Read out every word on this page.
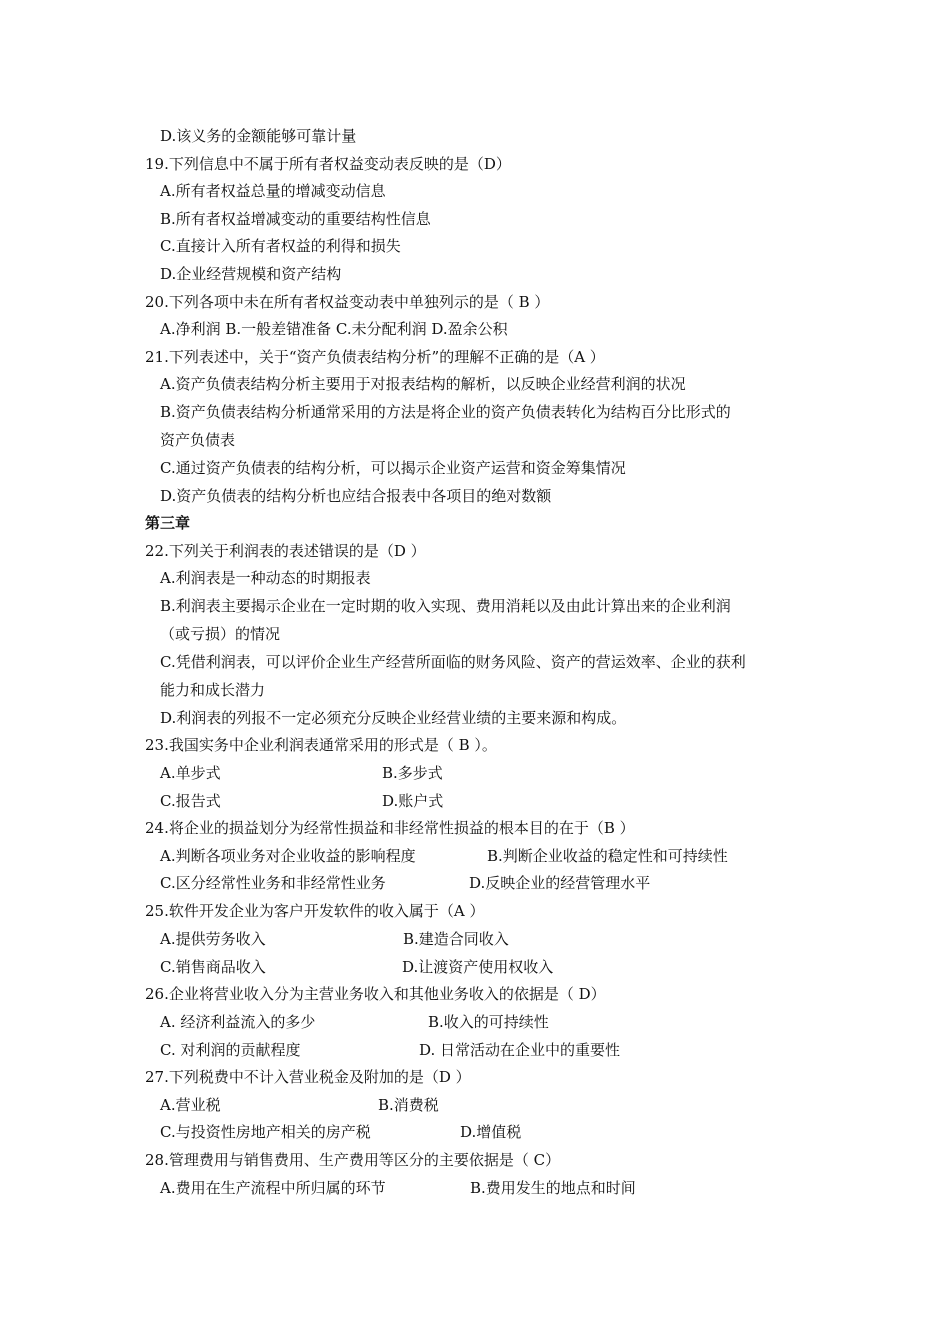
D.该义务的金额能够可靠计量
19.下列信息中不属于所有者权益变动表反映的是（D）
A.所有者权益总量的增减变动信息
B.所有者权益增减变动的重要结构性信息
C.直接计入所有者权益的利得和损失
D.企业经营规模和资产结构
20.下列各项中未在所有者权益变动表中单独列示的是（ B ）
A.净利润 B.一般差错准备 C.未分配利润 D.盈余公积
21.下列表述中，关于“资产负债表结构分析”的理解不正确的是（A ）
A.资产负债表结构分析主要用于对报表结构的解析，以反映企业经营利润的状况
B.资产负债表结构分析通常采用的方法是将企业的资产负债表转化为结构百分比形式的
资产负债表
C.通过资产负债表的结构分析，可以揭示企业资产运营和资金筹集情况
D.资产负债表的结构分析也应结合报表中各项目的绝对数额
第三章
22.下列关于利润表的表述错误的是（D ）
A.利润表是一种动态的时期报表
B.利润表主要揭示企业在一定时期的收入实现、费用消耗以及由此计算出来的企业利润
（或亏损）的情况
C.凭借利润表，可以评价企业生产经营所面临的财务风险、资产的营运效率、企业的获利
能力和成长潜力
D.利润表的列报不一定必须充分反映企业经营业绩的主要来源和构成。
23.我国实务中企业利润表通常采用的形式是（ B ）。
A.单步式	B.多步式
C.报告式	D.账户式
24.将企业的损益划分为经常性损益和非经常性损益的根本目的在于（B ）
A.判断各项业务对企业收益的影响程度	B.判断企业收益的稳定性和可持续性
C.区分经常性业务和非经常性业务	D.反映企业的经营管理水平
25.软件开发企业为客户开发软件的收入属于（A ）
A.提供劳务收入	B.建造合同收入
C.销售商品收入	D.让渡资产使用权收入
26.企业将营业收入分为主营业务收入和其他业务收入的依据是（ D）
A. 经济利益流入的多少	B.收入的可持续性
C. 对利润的贡献程度	D. 日常活动在企业中的重要性
27.下列税费中不计入营业税金及附加的是（D ）
A.营业税	B.消费税
C.与投资性房地产相关的房产税	D.增值税
28.管理费用与销售费用、生产费用等区分的主要依据是（ C）
A.费用在生产流程中所归属的环节	B.费用发生的地点和时间
